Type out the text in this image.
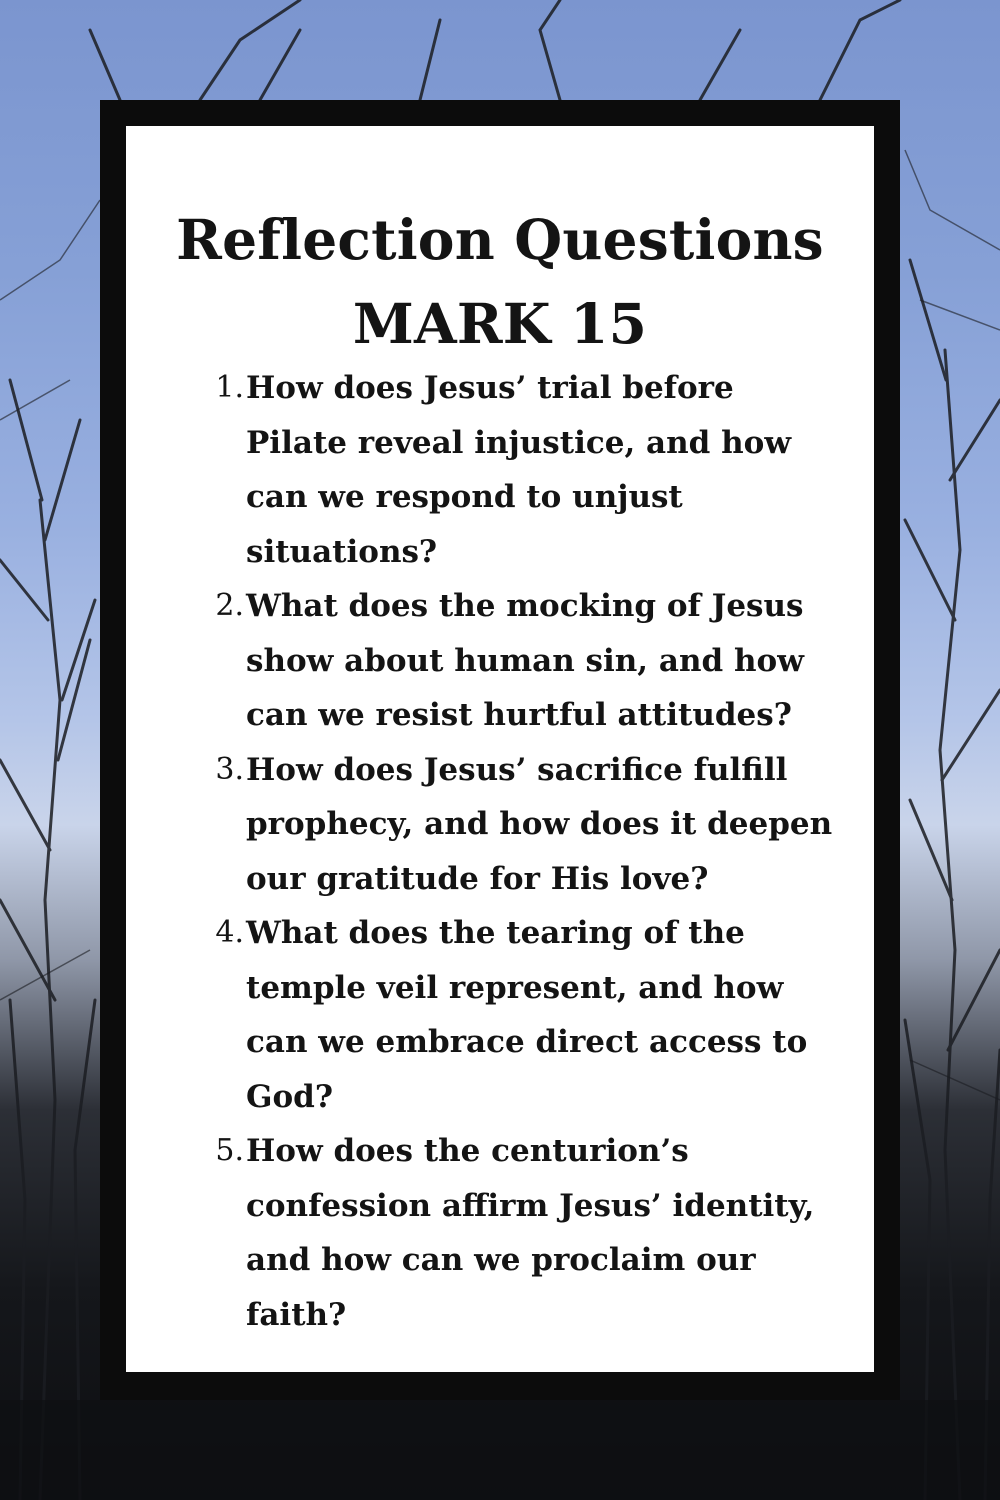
Reflection Questions
MARK 15
1. How does Jesus’ trial before
Pilate reveal injustice, and how
can we respond to unjust
situations?
2. What does the mocking of Jesus
show about human sin, and how
can we resist hurtful attitudes?
3. How does Jesus’ sacrifice fulfill
prophecy, and how does it deepen
our gratitude for His love?
4. What does the tearing of the
temple veil represent, and how
can we embrace direct access to
God?
5. How does the centurion’s
confession affirm Jesus’ identity,
and how can we proclaim our
faith?
